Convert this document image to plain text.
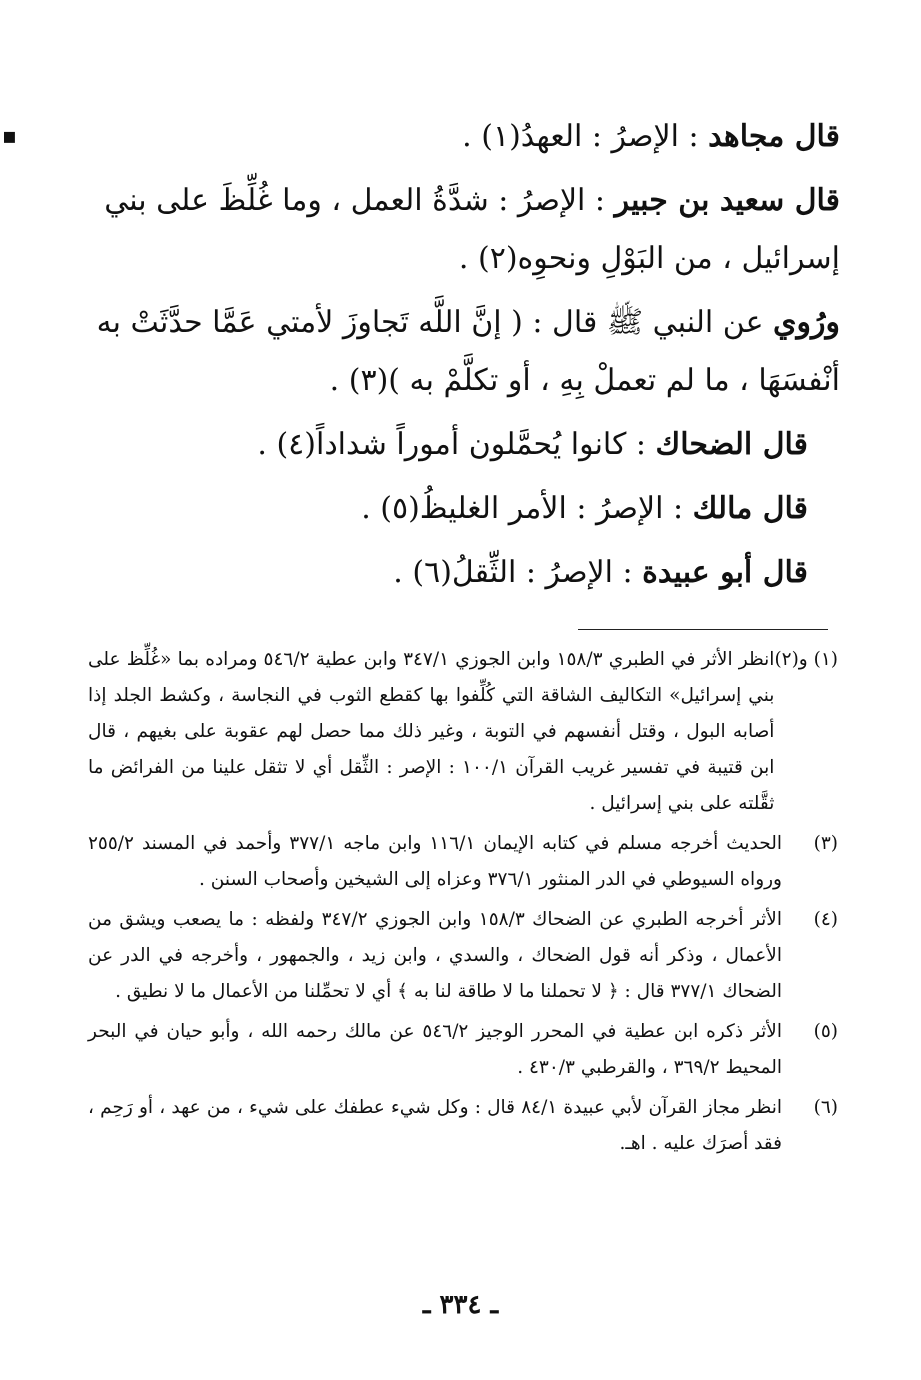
▪	قال مجاهد : الإصرُ : العهدُ(١) .

قال سعيد بن جبير : الإصرُ : شدَّةُ العمل ، وما غُلِّظَ على بني إسرائيل ، من البَوْلِ ونحوِه(٢) .

ورُوي عن النبي ﷺ قال : ( إنَّ اللَّه تَجاوزَ لأمتي عَمَّا حدَّثَتْ به أنْفسَهَا ، ما لم تعملْ بِهِ ، أو تكلَّمْ به )(٣) .

قال الضحاك : كانوا يُحمَّلون أموراً شداداً(٤) .

قال مالك : الإصرُ : الأمر الغليظُ(٥) .

قال أبو عبيدة : الإصرُ : الثِّقلُ(٦) .

(١) و(٢)
انظر الأثر في الطبري ١٥٨/٣ وابن الجوزي ٣٤٧/١ وابن عطية ٥٤٦/٢ ومراده بما «غُلِّظ على بني إسرائيل» التكاليف الشاقة التي كُلِّفوا بها كقطع الثوب في النجاسة ، وكشط الجلد إذا أصابه البول ، وقتل أنفسهم في التوبة ، وغير ذلك مما حصل لهم عقوبة على بغيهم ، قال ابن قتيبة في تفسير غريب القرآن ١٠٠/١ : الإصر : الثِّقل أي لا تثقل علينا من الفرائض ما ثقَّلته على بني إسرائيل .
(٣)
الحديث أخرجه مسلم في كتابه الإيمان ١١٦/١ وابن ماجه ٣٧٧/١ وأحمد في المسند ٢٥٥/٢ ورواه السيوطي في الدر المنثور ٣٧٦/١ وعزاه إلى الشيخين وأصحاب السنن .
(٤)
الأثر أخرجه الطبري عن الضحاك ١٥٨/٣ وابن الجوزي ٣٤٧/٢ ولفظه : ما يصعب ويشق من الأعمال ، وذكر أنه قول الضحاك ، والسدي ، وابن زيد ، والجمهور ، وأخرجه في الدر عن الضحاك ٣٧٧/١ قال : ﴿ لا تحملنا ما لا طاقة لنا به ﴾ أي لا تحمِّلنا من الأعمال ما لا نطيق .
(٥)
الأثر ذكره ابن عطية في المحرر الوجيز ٥٤٦/٢ عن مالك رحمه الله ، وأبو حيان في البحر المحيط ٣٦٩/٢ ، والقرطبي ٤٣٠/٣ .
(٦)
انظر مجاز القرآن لأبي عبيدة ٨٤/١ قال : وكل شيء عطفك على شيء ، من عهد ، أو رَحِم ، فقد أصرَك عليه . اهـ.
ـ ٣٣٤ ـ
